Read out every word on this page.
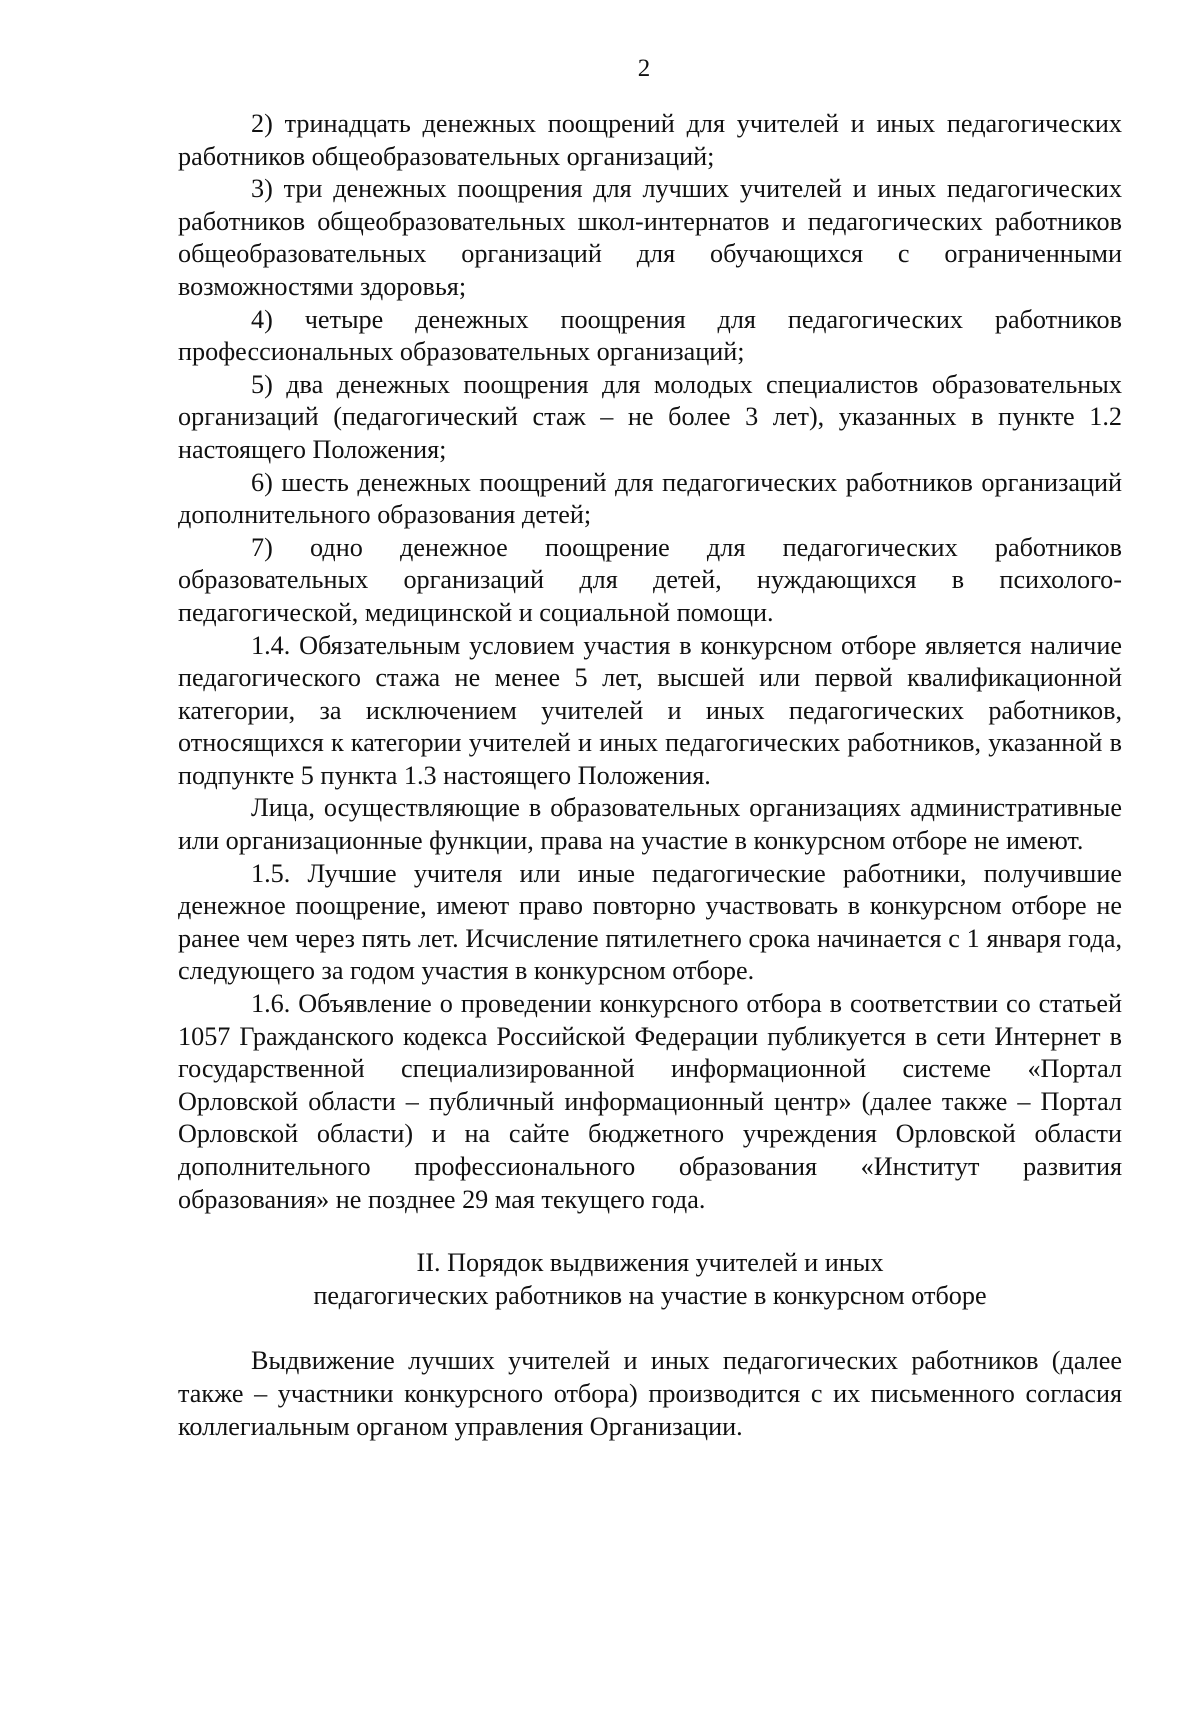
2

2) тринадцать денежных поощрений для учителей и иных педагогических работников общеобразовательных организаций;

3) три денежных поощрения для лучших учителей и иных педагогических работников общеобразовательных школ-интернатов и педагогических работников общеобразовательных организаций для обучающихся с ограниченными возможностями здоровья;

4) четыре денежных поощрения для педагогических работников профессиональных образовательных организаций;

5) два денежных поощрения для молодых специалистов образовательных организаций (педагогический стаж – не более 3 лет), указанных в пункте 1.2 настоящего Положения;

6) шесть денежных поощрений для педагогических работников организаций дополнительного образования детей;

7) одно денежное поощрение для педагогических работников образовательных организаций для детей, нуждающихся в психолого-педагогической, медицинской и социальной помощи.

1.4. Обязательным условием участия в конкурсном отборе является наличие педагогического стажа не менее 5 лет, высшей или первой квалификационной категории, за исключением учителей и иных педагогических работников, относящихся к категории учителей и иных педагогических работников, указанной в подпункте 5 пункта 1.3 настоящего Положения.

Лица, осуществляющие в образовательных организациях административные или организационные функции, права на участие в конкурсном отборе не имеют.

1.5. Лучшие учителя или иные педагогические работники, получившие денежное поощрение, имеют право повторно участвовать в конкурсном отборе не ранее чем через пять лет. Исчисление пятилетнего срока начинается с 1 января года, следующего за годом участия в конкурсном отборе.

1.6. Объявление о проведении конкурсного отбора в соответствии со статьей 1057 Гражданского кодекса Российской Федерации публикуется в сети Интернет в государственной специализированной информационной системе «Портал Орловской области – публичный информационный центр» (далее также – Портал Орловской области) и на сайте бюджетного учреждения Орловской области дополнительного профессионального образования «Институт развития образования» не позднее 29 мая текущего года.

II. Порядок выдвижения учителей и иных

педагогических работников на участие в конкурсном отборе

Выдвижение лучших учителей и иных педагогических работников (далее также – участники конкурсного отбора) производится с их письменного согласия коллегиальным органом управления Организации.
